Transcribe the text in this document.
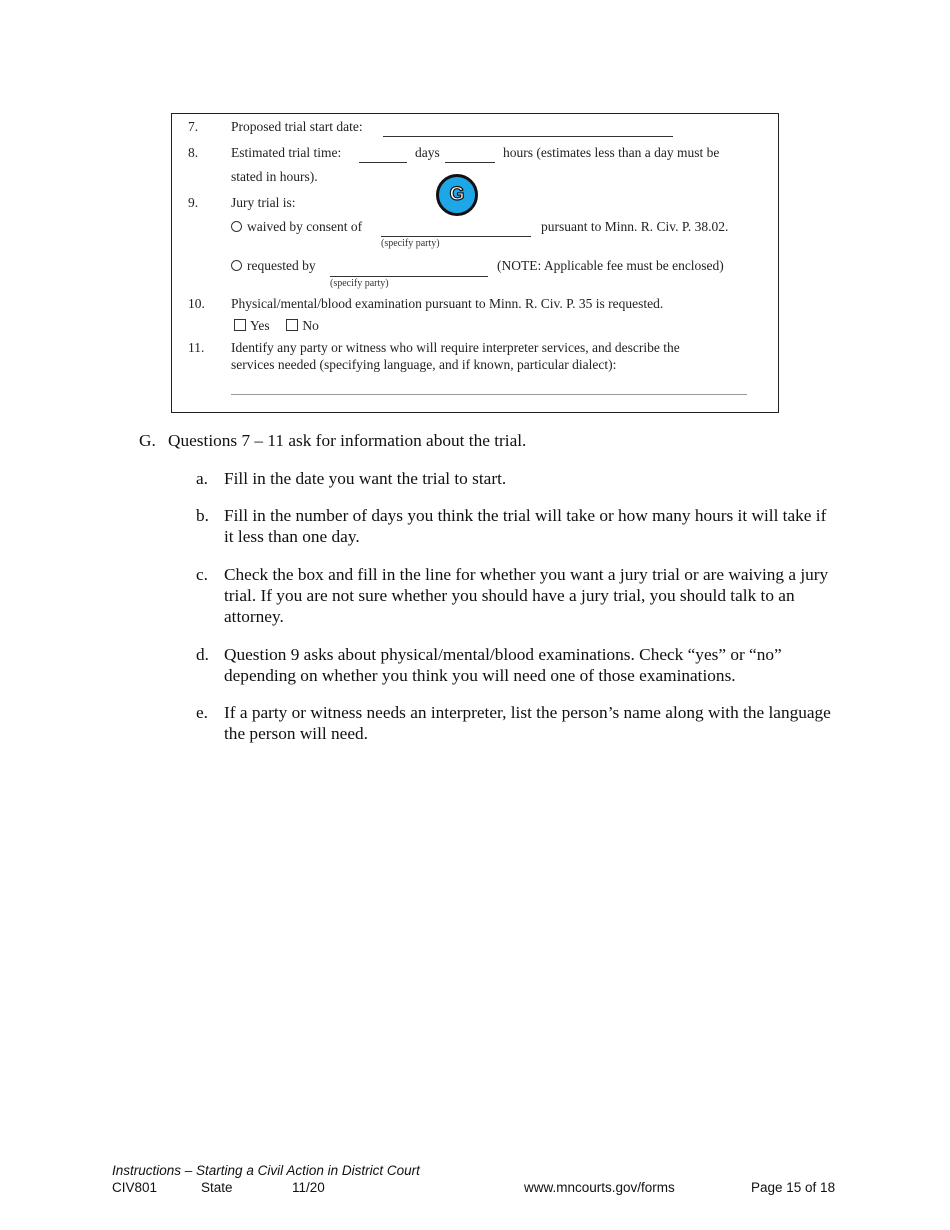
7. Proposed trial start date:
8. Estimated trial time:	days	hours (estimates less than a day must be
stated in hours).
9. Jury trial is:
waived by consent of
(specify party)
pursuant to Minn. R. Civ. P. 38.02.
requested by
(specify party)
(NOTE: Applicable fee must be enclosed)
10. Physical/mental/blood examination pursuant to Minn. R. Civ. P. 35 is requested.
Yes No
11. Identify any party or witness who will require interpreter services, and describe the
services needed (specifying language, and if known, particular dialect):
G
G. Questions 7 – 11 ask for information about the trial.
a. Fill in the date you want the trial to start.
b. Fill in the number of days you think the trial will take or how many hours it will take if it less than one day.
c. Check the box and fill in the line for whether you want a jury trial or are waiving a jury trial. If you are not sure whether you should have a jury trial, you should talk to an attorney.
d. Question 9 asks about physical/mental/blood examinations. Check “yes” or “no” depending on whether you think you will need one of those examinations.
e. If a party or witness needs an interpreter, list the person’s name along with the language the person will need.
Instructions – Starting a Civil Action in District Court
CIV801	State	11/20	www.mncourts.gov/forms	Page 15 of 18
